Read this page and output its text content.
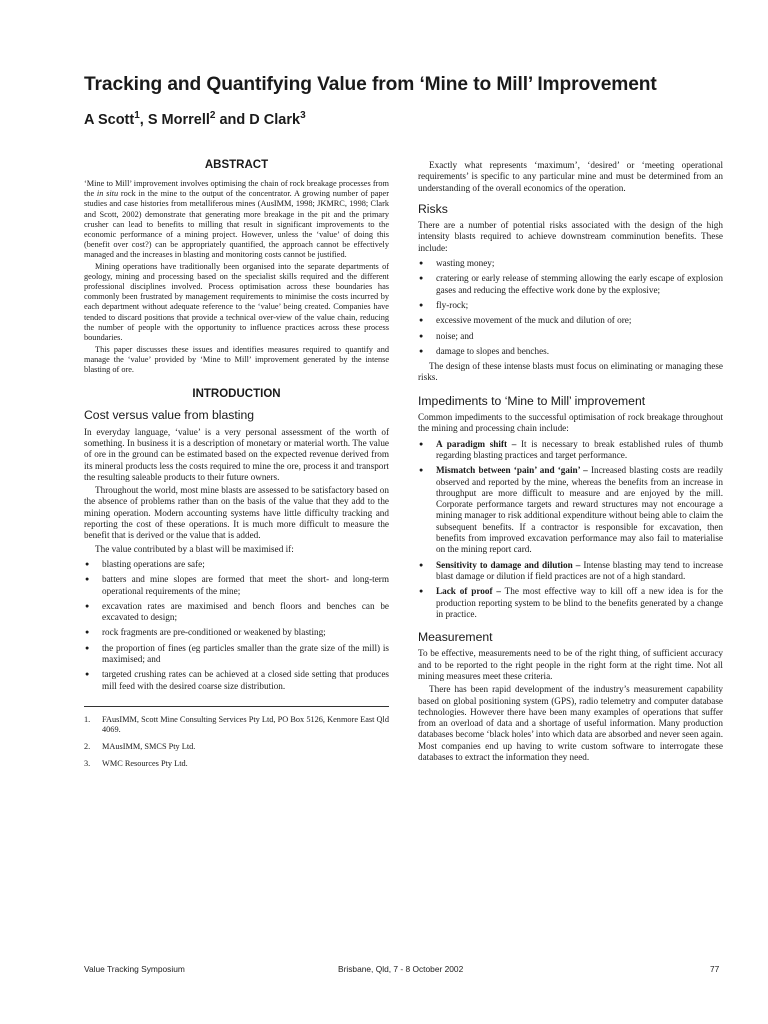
Tracking and Quantifying Value from ‘Mine to Mill’ Improvement
A Scott$^1$, S Morrell$^2$ and D Clark$^3$
ABSTRACT

‘Mine to Mill’ improvement involves optimising the chain of rock breakage processes from the in situ rock in the mine to the output of the concentrator. A growing number of paper studies and case histories from metalliferous mines (AusIMM, 1998; JKMRC, 1998; Clark and Scott, 2002) demonstrate that generating more breakage in the pit and the primary crusher can lead to benefits to milling that result in significant improvements to the economic performance of a mining project. However, unless the ‘value’ of doing this (benefit over cost?) can be appropriately quantified, the approach cannot be effectively managed and the increases in blasting and monitoring costs cannot be justified.

Mining operations have traditionally been organised into the separate departments of geology, mining and processing based on the specialist skills required and the different professional disciplines involved. Process optimisation across these boundaries has commonly been frustrated by management requirements to minimise the costs incurred by each department without adequate reference to the ‘value’ being created. Companies have tended to discard positions that provide a technical over-view of the value chain, reducing the number of people with the opportunity to influence practices across these process boundaries.

This paper discusses these issues and identifies measures required to quantify and manage the ‘value’ provided by ‘Mine to Mill’ improvement generated by the intense blasting of ore.

INTRODUCTION
Cost versus value from blasting

In everyday language, ‘value’ is a very personal assessment of the worth of something. In business it is a description of monetary or material worth. The value of ore in the ground can be estimated based on the expected revenue derived from its mineral products less the costs required to mine the ore, process it and transport the resulting saleable products to their future owners.

Throughout the world, most mine blasts are assessed to be satisfactory based on the absence of problems rather than on the basis of the value that they add to the mining operation. Modern accounting systems have little difficulty tracking and reporting the cost of these operations. It is much more difficult to measure the benefit that is derived or the value that is added.

The value contributed by a blast will be maximised if:

● blasting operations are safe;
● batters and mine slopes are formed that meet the short- and long-term operational requirements of the mine;
● excavation rates are maximised and bench floors and benches can be excavated to design;
● rock fragments are pre-conditioned or weakened by blasting;
● the proportion of fines (eg particles smaller than the grate size of the mill) is maximised; and
● targeted crushing rates can be achieved at a closed side setting that produces mill feed with the desired coarse size distribution.
1.	FAusIMM, Scott Mine Consulting Services Pty Ltd, PO Box 5126, Kenmore East Qld 4069.
2.	MAusIMM, SMCS Pty Ltd.
3.	WMC Resources Pty Ltd.

Exactly what represents ‘maximum’, ‘desired’ or ‘meeting operational requirements’ is specific to any particular mine and must be determined from an understanding of the overall economics of the operation.

Risks

There are a number of potential risks associated with the design of the high intensity blasts required to achieve downstream comminution benefits. These include:

● wasting money;
● cratering or early release of stemming allowing the early escape of explosion gases and reducing the effective work done by the explosive;
● fly-rock;
● excessive movement of the muck and dilution of ore;
● noise; and
● damage to slopes and benches.

The design of these intense blasts must focus on eliminating or managing these risks.

Impediments to ‘Mine to Mill’ improvement

Common impediments to the successful optimisation of rock breakage throughout the mining and processing chain include:

● A paradigm shift – It is necessary to break established rules of thumb regarding blasting practices and target performance.
● Mismatch between ‘pain’ and ‘gain’ – Increased blasting costs are readily observed and reported by the mine, whereas the benefits from an increase in throughput are more difficult to measure and are enjoyed by the mill. Corporate performance targets and reward structures may not encourage a mining manager to risk additional expenditure without being able to claim the subsequent benefits. If a contractor is responsible for excavation, then benefits from improved excavation performance may also fail to materialise on the mining report card.
● Sensitivity to damage and dilution – Intense blasting may tend to increase blast damage or dilution if field practices are not of a high standard.
● Lack of proof – The most effective way to kill off a new idea is for the production reporting system to be blind to the benefits generated by a change in practice.
Measurement

To be effective, measurements need to be of the right thing, of sufficient accuracy and to be reported to the right people in the right form at the right time. Not all mining measures meet these criteria.

There has been rapid development of the industry’s measurement capability based on global positioning system (GPS), radio telemetry and computer database technologies. However there have been many examples of operations that suffer from an overload of data and a shortage of useful information. Many production databases become ‘black holes’ into which data are absorbed and never seen again. Most companies end up having to write custom software to interrogate these databases to extract the information they need.

Value Tracking Symposium	Brisbane, Qld, 7 - 8 October 2002	77
